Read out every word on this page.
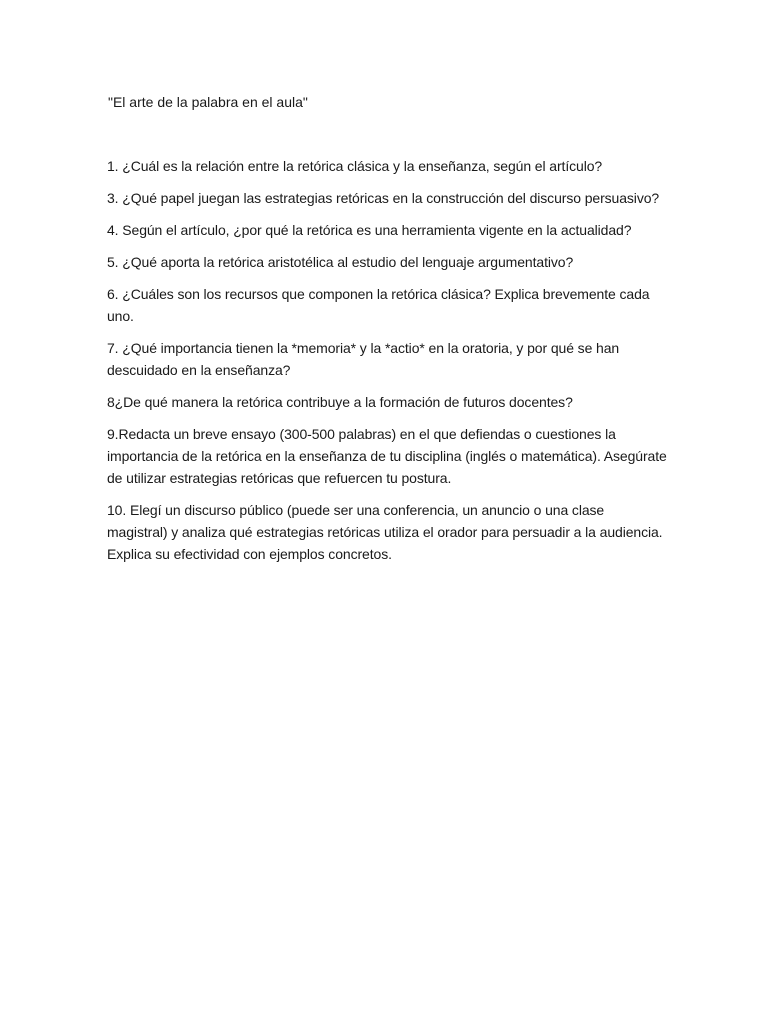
"El arte de la palabra en el aula"

1. ¿Cuál es la relación entre la retórica clásica y la enseñanza, según el artículo?

3. ¿Qué papel juegan las estrategias retóricas en la construcción del discurso persuasivo?

4. Según el artículo, ¿por qué la retórica es una herramienta vigente en la actualidad?

5. ¿Qué aporta la retórica aristotélica al estudio del lenguaje argumentativo?

6. ¿Cuáles son los recursos que componen la retórica clásica? Explica brevemente cada uno.

7. ¿Qué importancia tienen la *memoria* y la *actio* en la oratoria, y por qué se han descuidado en la enseñanza?

8¿De qué manera la retórica contribuye a la formación de futuros docentes?

9.Redacta un breve ensayo (300-500 palabras) en el que defiendas o cuestiones la importancia de la retórica en la enseñanza de tu disciplina (inglés o matemática). Asegúrate de utilizar estrategias retóricas que refuercen tu postura.

10. Elegí un discurso público (puede ser una conferencia, un anuncio o una clase magistral) y analiza qué estrategias retóricas utiliza el orador para persuadir a la audiencia. Explica su efectividad con ejemplos concretos.
